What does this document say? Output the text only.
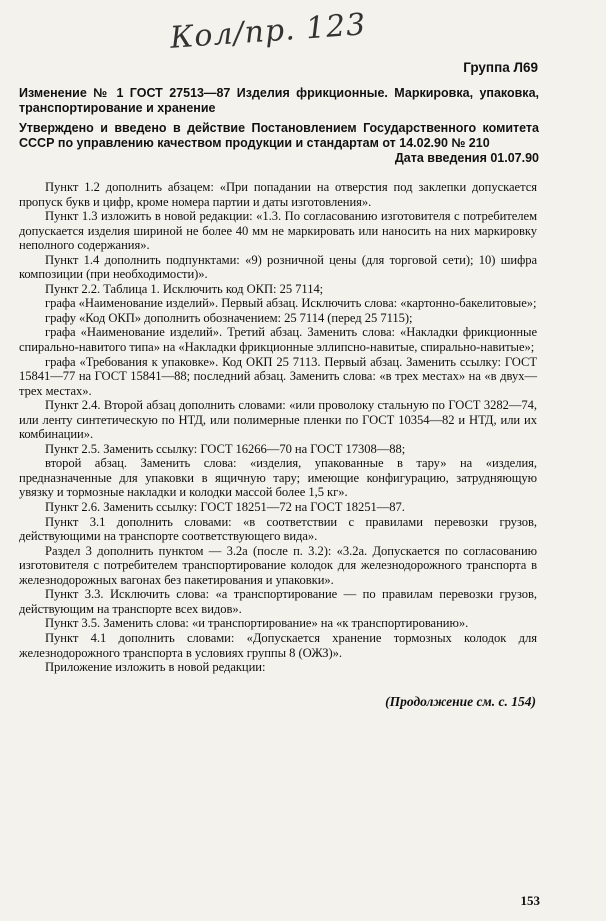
Кол/пр. 123
Группа Л69
Изменение № 1 ГОСТ 27513—87 Изделия фрикционные. Маркировка, упаковка, транспортирование и хранение
Утверждено и введено в действие Постановлением Государственного комитета СССР по управлению качеством продукции и стандартам от 14.02.90 № 210
Дата введения 01.07.90

Пункт 1.2 дополнить абзацем: «При попадании на отверстия под заклепки допускается пропуск букв и цифр, кроме номера партии и даты изготовления».

Пункт 1.3 изложить в новой редакции: «1.3. По согласованию изготовителя с потребителем допускается изделия шириной не более 40 мм не маркировать или наносить на них маркировку неполного содержания».

Пункт 1.4 дополнить подпунктами: «9) розничной цены (для торговой сети); 10) шифра композиции (при необходимости)».

Пункт 2.2. Таблица 1. Исключить код ОКП: 25 7114;

графа «Наименование изделий». Первый абзац. Исключить слова: «картонно-бакелитовые»;

графу «Код ОКП» дополнить обозначением: 25 7114 (перед 25 7115);

графа «Наименование изделий». Третий абзац. Заменить слова: «Накладки фрикционные спирально-навитого типа» на «Накладки фрикционные эллипсно-навитые, спирально-навитые»;

графа «Требования к упаковке». Код ОКП 25 7113. Первый абзац. Заменить ссылку: ГОСТ 15841—77 на ГОСТ 15841—88; последний абзац. Заменить слова: «в трех местах» на «в двух—трех местах».

Пункт 2.4. Второй абзац дополнить словами: «или проволоку стальную по ГОСТ 3282—74, или ленту синтетическую по НТД, или полимерные пленки по ГОСТ 10354—82 и НТД, или их комбинации».

Пункт 2.5. Заменить ссылку: ГОСТ 16266—70 на ГОСТ 17308—88;

второй абзац. Заменить слова: «изделия, упакованные в тару» на «изделия, предназначенные для упаковки в ящичную тару; имеющие конфигурацию, затрудняющую увязку и тормозные накладки и колодки массой более 1,5 кг».

Пункт 2.6. Заменить ссылку: ГОСТ 18251—72 на ГОСТ 18251—87.

Пункт 3.1 дополнить словами: «в соответствии с правилами перевозки грузов, действующими на транспорте соответствующего вида».

Раздел 3 дополнить пунктом — 3.2а (после п. 3.2): «3.2а. Допускается по согласованию изготовителя с потребителем транспортирование колодок для железнодорожного транспорта в железнодорожных вагонах без пакетирования и упаковки».

Пункт 3.3. Исключить слова: «а транспортирование — по правилам перевозки грузов, действующим на транспорте всех видов».

Пункт 3.5. Заменить слова: «и транспортирование» на «к транспортированию».

Пункт 4.1 дополнить словами: «Допускается хранение тормозных колодок для железнодорожного транспорта в условиях группы 8 (ОЖЗ)».

Приложение изложить в новой редакции:

(Продолжение см. с. 154)
153
